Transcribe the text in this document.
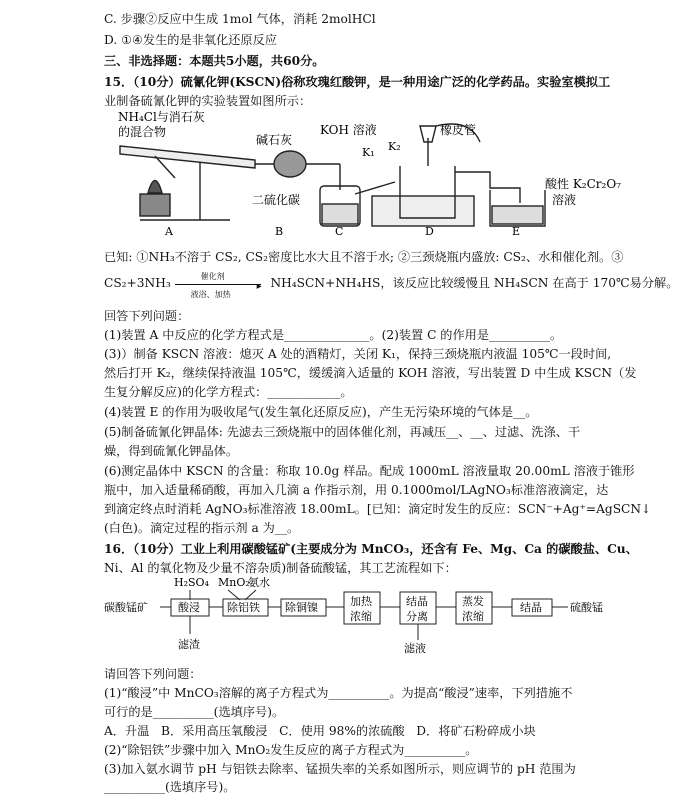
C. 步骤②反应中生成 1mol 气体，消耗 2molHCl
D. ①④发生的是非氧化还原反应
三、非选择题：本题共5小题，共60分。
15．（10分）硫氰化钾(KSCN)俗称玫瑰红酸钾，是一种用途广泛的化学药品。实验室模拟工
业制备硫氰化钾的实验装置如图所示：
NH₄Cl与消石灰
的混合物
碱石灰
KOH 溶液	橡皮管
K₁ K₂
二硫化碳
酸性 K₂Cr₂O₇
溶液
A	B	C	D	E
已知: ①NH₃不溶于 CS₂, CS₂密度比水大且不溶于水; ②三颈烧瓶内盛放: CS₂、水和催化剂。③
CS₂+3NH₃	催化剂
▸
液浴、加热
NH₄SCN+NH₄HS，该反应比较缓慢且 NH₄SCN 在高于 170℃易分解。
回答下列问题：
(1)装置 A 中反应的化学方程式是______________。(2)装置 C 的作用是__________。
(3)）制备 KSCN 溶液：熄灭 A 处的酒精灯，关闭 K₁，保持三颈烧瓶内液温 105℃一段时间,
然后打开 K₂，继续保持液温 105℃，缓缓滴入适量的 KOH 溶液，写出装置 D 中生成 KSCN（发
生复分解反应)的化学方程式：____________。
(4)装置 E 的作用为吸收尾气(发生氧化还原反应)，产生无污染环境的气体是__。
(5)制备硫氰化钾晶体: 先滤去三颈烧瓶中的固体催化剂，再减压__、__、过滤、洗涤、干
燥，得到硫氰化钾晶体。
(6)测定晶体中 KSCN 的含量：称取 10.0g 样品。配成 1000mL 溶液量取 20.00mL 溶液于锥形
瓶中，加入适量稀硝酸，再加入几滴 a 作指示剂，用 0.1000mol/LAgNO₃标准溶液滴定，达
到滴定终点时消耗 AgNO₃标准溶液 18.00mL。[已知：滴定时发生的反应：SCN⁻+Ag⁺=AgSCN↓
(白色)。滴定过程的指示剂 a 为__。
16．（10分）工业上利用碳酸锰矿(主要成分为 MnCO₃，还含有 Fe、Mg、Ca 的碳酸盐、Cu、
Ni、Al 的氧化物及少量不溶杂质)制备硫酸锰，其工艺流程如下：
H₂SO₄ MnO₂
氨水
碳酸锰矿	酸浸 除铝铁 除铜镍	加热
浓缩
结晶
分离
蒸发
浓缩
结晶	硫酸锰
滤渣	滤液
请回答下列问题：
(1)“酸浸”中 MnCO₃溶解的离子方程式为__________。为提高“酸浸”速率，下列措施不
可行的是__________(选填序号)。
A．升温   B．采用高压氧酸浸   C．使用 98%的浓硫酸   D．将矿石粉碎成小块
(2)“除铝铁”步骤中加入 MnO₂发生反应的离子方程式为__________。
(3)加入氨水调节 pH 与铝铁去除率、锰损失率的关系如图所示，则应调节的 pH 范围为
__________(选填序号)。
